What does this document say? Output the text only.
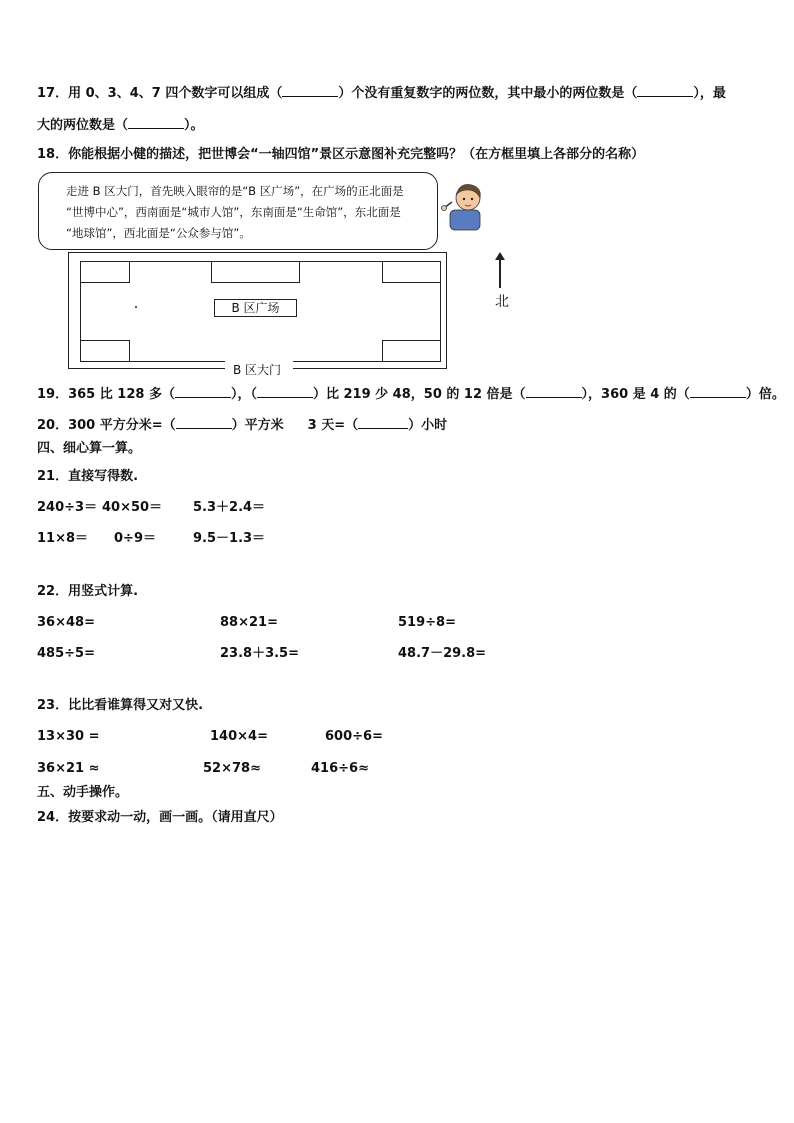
17．用 0、3、4、7 四个数字可以组成（	）个没有重复数字的两位数，其中最小的两位数是（	），最
大的两位数是（	）。
18．你能根据小健的描述，把世博会“一轴四馆”景区示意图补充完整吗？（在方框里填上各部分的名称）
走进 B 区大门，首先映入眼帘的是“B 区广场”，在广场的正北面是
“世博中心”，西南面是“城市人馆”，东南面是“生命馆”，东北面是
“地球馆”，西北面是“公众参与馆”。
B 区广场
B 区大门
北
19．365 比 128 多（	），（	）比 219 少 48，50 的 12 倍是（	），360 是 4 的（	）倍。
20．300 平方分米=（	）平方米 3 天=（	）小时
四、细心算一算。
21．直接写得数.
240÷3＝ 40×50＝ 5.3＋2.4＝
11×8＝ 0÷9＝	9.5－1.3＝
22．用竖式计算.
36×48=	88×21=	519÷8=
485÷5=	23.8＋3.5=	48.7－29.8=
23．比比看谁算得又对又快.
13×30 =	140×4=	600÷6=
36×21 ≈	52×78≈	416÷6≈
五、动手操作。
24．按要求动一动，画一画。（请用直尺）
